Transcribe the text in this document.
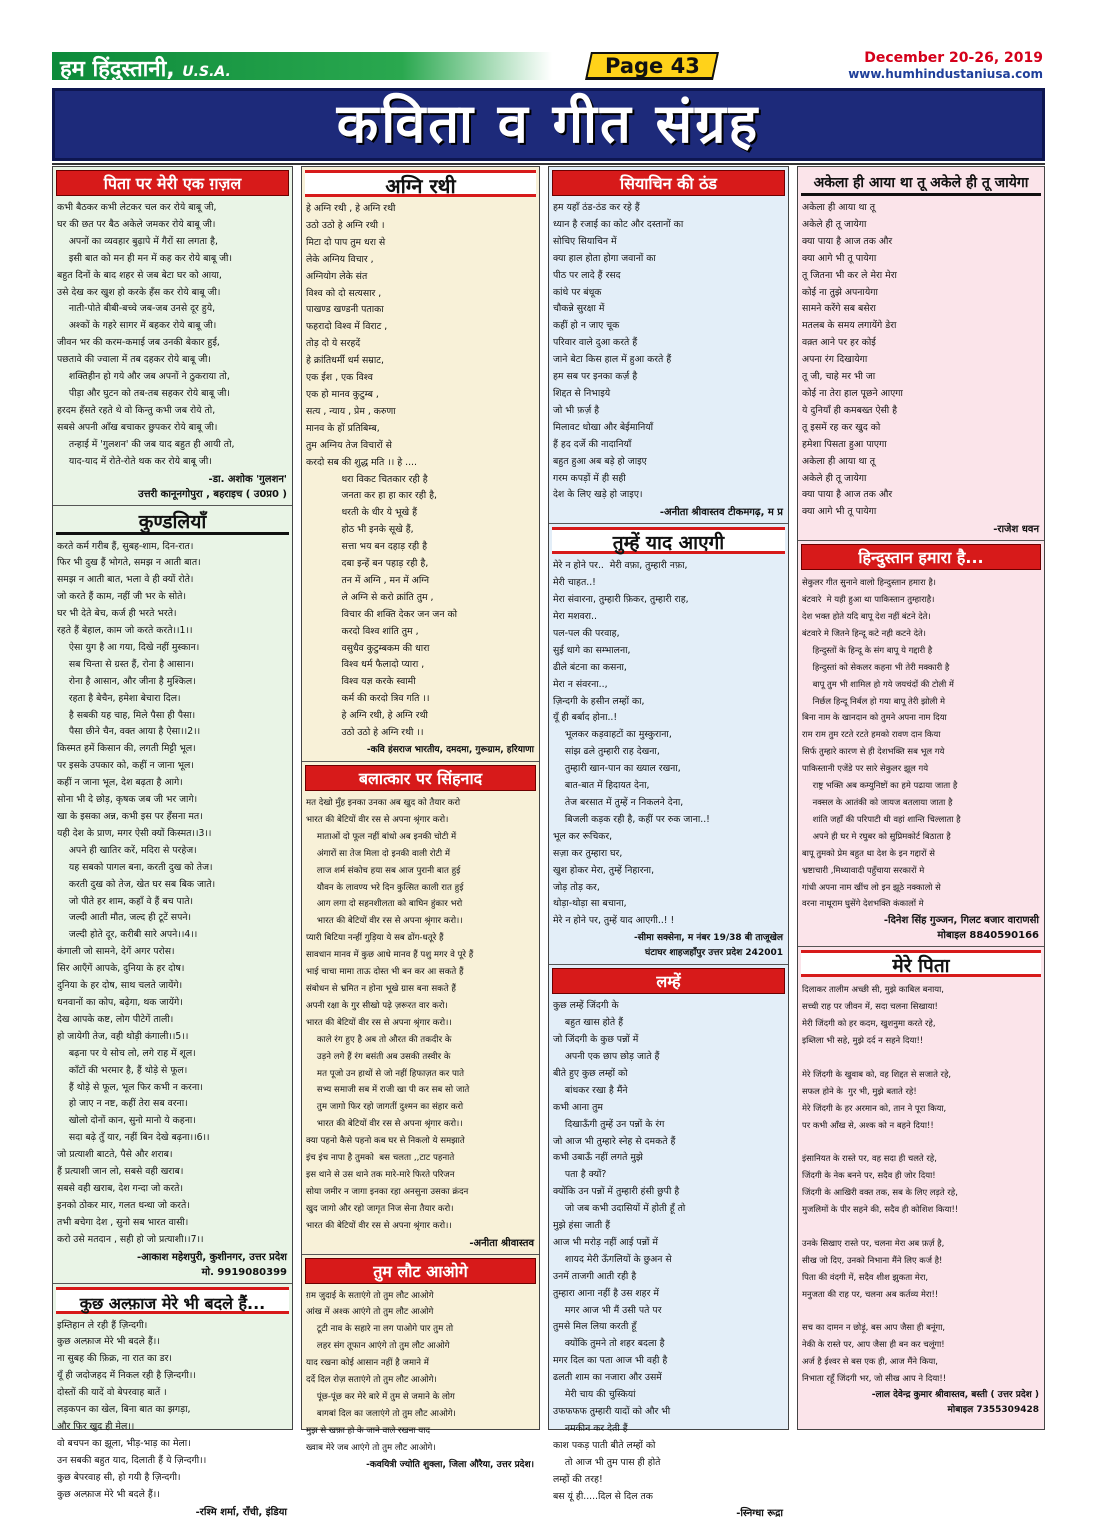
हम हिंदुस्तानी, U.S.A.	Page 43	December 20-26, 2019
www.humhindustaniusa.com
कविता व गीत संग्रह
पिता पर मेरी एक ग़ज़ल
कभी बैठकर कभी लेटकर चल कर रोये बाबू जी,
घर की छत पर बैठ अकेले जमकर रोये बाबू जी।
अपनों का व्यवहार बुढ़ापे में गैरों सा लगता है,
इसी बात को मन ही मन में कह कर रोये बाबू जी।
बहुत दिनों के बाद शहर से जब बेटा घर को आया,
उसे देख कर खुश हो करके हँस कर रोये बाबू जी।
नाती-पोते बीबी-बच्चे जब-जब उनसे दूर हुये,
अश्कों के गहरे सागर में बहकर रोये बाबू जी।
जीवन भर की करम-कमाई जब उनकी बेकार हुई,
पछतावे की ज्वाला में तब दहकर रोये बाबू जी।
शक्तिहीन हो गये और जब अपनों ने ठुकराया तो,
पीड़ा और घुटन को तब-तब सहकर रोये बाबू जी।
हरदम हँसते रहते थे वो किन्तु कभी जब रोये तो,
सबसे अपनी आँख बचाकर छुपकर रोये बाबू जी।
तन्हाई में 'गुलशन' की जब याद बहुत ही आयी तो,
याद-याद में रोते-रोते थक कर रोये बाबू जी।
-डा. अशोक 'गुलशन'
उत्तरी कानूनगोपुरा , बहराइच ( उ0प्र0 )
कुण्डलियाँ
करते कर्म गरीब हैं, सुबह-शाम, दिन-रात।
फिर भी दुख हैं भोगते, समझ न आती बात।
समझ न आती बात, भला वे ही क्यों रोते।
जो करते हैं काम, नहीं जी भर के सोते।
घर भी देते बेच, कर्ज ही भरते भरते।
रहते हैं बेहाल, काम जो करते करते।।1।।
ऐसा युग है आ गया, दिखे नहीं मुस्कान।
सब चिन्ता से ग्रस्त हैं, रोना है आसान।
रोना है आसान, और जीना है मुश्किल।
रहता है बेचैन, हमेशा बेचारा दिल।
है सबकी यह चाह, मिले पैसा ही पैसा।
पैसा छीने चैन, वक्त आया है ऐसा।।2।।
किस्मत हमें किसान की, लगती मिट्टी भूल।
पर इसके उपकार को, कहीं न जाना भूल।
कहीं न जाना भूल, देश बढ़ता है आगे।
सोना भी दे छोड़, कृषक जब जी भर जागे।
खा के इसका अन्न, कभी इस पर हँसना मत।
यही देश के प्राण, मगर ऐसी क्यों किस्मत।।3।।
अपने ही खातिर करें, मदिरा से परहेज।
यह सबको पागल बना, करती दुख को तेज।
करती दुख को तेज, खेत घर सब बिक जाते।
जो पीते हर शाम, कहाँ वे हैं बच पाते।
जल्दी आती मौत, जल्द ही टूटें सपने।
जल्दी होते दूर, करीबी सारे अपने।।4।।
कंगाली जो सामने, देगें अगर परोस।
सिर आएँगें आपके, दुनिया के हर दोष।
दुनिया के हर दोष, साथ चलते जायेंगे।
धनवानों का कोप, बढ़ेगा, थक जायेंगे।
देख आपके कष्ट, लोग पीटेगें ताली।
हो जायेगी तेज, वही थोड़ी कंगाली।।5।।
बढ़ना पर ये सोच लो, लगे राह में शूल।
काँटों की भरमार है, हैं थोड़े से फूल।
हैं थोड़े से फूल, भूल फिर कभी न करना।
हो जाए न नष्ट, कहीं तेरा सब वरना।
खोलो दोनों कान, सुनो मानो ये कहना।
सदा बढ़े तुँ यार, नहीं बिन देखे बढ़ना।।6।।
जो प्रत्याशी बाटते, पैसे और शराब।
हैं प्रत्याशी जान लो, सबसे वही खराब।
सबसे वही खराब, देश गन्दा जो करते।
इनको ठोकर मार, गलत धन्धा जो करते।
तभी बचेगा देश , सुनो सब भारत वासी।
करो उसे मतदान , सही हो जो प्रत्याशी।।7।।
-आकाश महेशपुरी, कुशीनगर, उत्तर प्रदेश
मो. 9919080399
कुछ अल्फ़ाज मेरे भी बदले हैं...
इम्तिहान ले रही हैं ज़िन्दगी।
कुछ अल्फ़ाज मेरे भी बदले हैं।।
ना सुबह की फ़िक्र, ना रात का डर।
यूँ ही जदोजहद में निकल रही है ज़िन्दगी।।
दोस्तों की यादें वो बेपरवाह बातें ।
लड़कपन का खेल, बिना बात का झगड़ा,
और फिर खुद ही मेल।।
वो बचपन का झूला, भीड़-भाड़ का मेला।
उन सबकी बहुत याद, दिलाती हैं ये ज़िन्दगी।।
कुछ बेपरवाह सी, हो गयी है ज़िन्दगी।
कुछ अल्फ़ाज मेरे भी बदले हैं।।
-रश्मि शर्मा, राँची, इंडिया
अग्नि रथी
हे अग्नि रथी , हे अग्नि रथी
उठो उठो हे अग्नि रथी ।
मिटा दो पाप तुम धरा से
लेके अग्निय विचार ,
अग्नियोग लेके संत
विश्व को दो सत्यसार ,
पाखण्ड खण्डनी पताका
फहरादो विश्व में विराट ,
तोड़ दो ये सरहदें
हे क्रांतिधर्मी धर्म सम्राट,
एक ईश , एक विश्व
एक हो मानव कुटुम्ब ,
सत्य , न्याय , प्रेम , करुणा
मानव के हों प्रतिबिम्ब,
तुम अग्निय तेज विचारों से
करदो सब की शुद्ध मति ।। हे ....
धरा विकट चितकार रही है
जनता कर हा हा कार रही है,
धरती के धीर ये भूखे हैं
होठ भी इनके सूखे हैं,
सत्ता भय बन दहाड़ रही है
दबा इन्हें बन पहाड़ रही है,
तन में अग्नि , मन में अग्नि
ले अग्नि से करो क्रांति तुम ,
विचार की शक्ति देकर जन जन को
करदो विश्व शांति तुम ,
वसुधैव कुटुम्बकम की धारा
विश्व धर्म फैलादो प्यारा ,
विश्व यज्ञ करके स्वामी
कर्म की करदो त्रिव गति ।।
हे अग्नि रथी, हे अग्नि रथी
उठो उठो हे अग्नि रथी ।।
-कवि हंसराज भारतीय, दमदमा, गुरूग्राम, हरियाणा
बलात्कार पर सिंहनाद
मत देखो मुँह इनका उनका अब खुद को तैयार करो
भारत की बेटियों वीर रस से अपना श्रृंगार करो।
माताओं दो फूल नहीं बांधो अब इनकी चोटी में
अंगारों सा तेज मिला दो इनकी वाली रोटी में
लाज शर्म संकोच हया सब आज पुरानी बात हुई
यौवन के लावण्य भरे दिन कुत्सित काली रात हुई
आग लगा दो सहनशीलता को बाघिन हुंकार भरो
भारत की बेटियों वीर रस से अपना श्रृंगार करो।।
प्यारी बिटिया नन्हीं गुड़िया ये सब ढोंग-धतूरे हैं
सावधान मानव में कुछ आधे मानव हैं पशु मगर वे पूरे हैं
भाई चाचा मामा ताऊ दोस्त भी बन कर आ सकते हैं
संबोधन से भ्रमित न होना भूखे ग्रास बना सकते हैं
अपनी रक्षा के गुर सीखो पढ़े ज़रूरत वार करो।
भारत की बेटियों वीर रस से अपना श्रृंगार करो।।
काले रंग हुए है अब तो औरत की तकदीर के
उड़ने लगे हैं रंग बसंती अब उसकी तस्वीर के
मत पूजो उन हाथों से जो नहीं हिफाज़त कर पाते
सभ्य समाजी सब में राजी खा पी कर सब सो जाते
तुम जागो फिर रहो जागतीं दुश्मन का संहार करो
भारत की बेटियों वीर रस से अपना श्रृंगार करो।।
क्या पहनो कैसे पहनो कब घर से निकलो ये समझाते
इंच इंच नापा है तुमको  बस चलता ,,टाट पहनाते
इस थाने से उस थाने तक मारे-मारे फिरते परिजन
सोया जमीर न जागा इनका रहा अनसुना उसका क्रंदन
खुद जागो और रहो जागृत निज सेना तैयार करो।
भारत की बेटियों वीर रस से अपना श्रृंगार करो।।
-अनीता श्रीवास्तव
तुम लौट आओगे
ग़म जुदाई के सताएंगे तो तुम लौट आओगे
आंख में अश्क आएंगे तो तुम लौट आओगे
टूटी नाव के सहारे ना लग पाओगे पार तुम तो
लहर संग तूफान आएंगे तो तुम लौट आओगे
याद रखना कोई आसान नहीं है जमाने में
दर्दे दिल रोज़ सताएंगे तो तुम लौट आओगे।
पूंछ-पूंछ कर मेरे बारे में तुम से जमाने के लोग
बागबां दिल का जलाएंगे तो तुम लौट आओगे।
मुझ से खफ़ा हो के जाने वाले रखना याद
ख्वाब मेरे जब आएंगे तो तुम लौट आओगे।
-कवयित्री ज्योति शुक्ला, जिला औरैया, उत्तर प्रदेश।
सियाचिन की ठंड
हम यहाँ ठंड-ठंड कर रहे हैं
ध्यान है रजाई का कोट और दस्तानों का
सोचिए सियाचिन में
क्या हाल होता होगा जवानों का
पीठ पर लादे हैं रसद
कांधे पर बंधूक
चौकन्ने सुरक्षा में
कहीं हो न जाए चूक
परिवार वाले दुआ करते हैं
जाने बेटा किस हाल में हुआ करते हैं
हम सब पर इनका कर्ज़ है
शिद्दत से निभाइये
जो भी फ़र्ज़ है
मिलावट धोखा और बेईमानियाँ
हैं हद दर्जे की नादानियाँ
बहुत हुआ अब बड़े हो जाइए
गरम कपड़ों में ही सही
देश के लिए खड़े हो जाइए।
-अनीता श्रीवास्तव टीकमगढ़, म प्र
तुम्हें याद आएगी
मेरे न होने पर..  मेरी वफ़ा, तुम्हारी नफ़ा,
मेरी चाहत..!
मेरा संवारना, तुम्हारी फ़िकर, तुम्हारी राह,
मेरा मशवरा..
पल-पल की परवाह,
सुई धागे का सम्भालना,
ढीले बंटना का कसना,
मेरा न संवरना..,
ज़िन्दगी के हसीन लम्हों का,
यूँ ही बर्बाद होना..!
भूलकर कड़वाहटों का मुस्कुराना,
सांझ ढले तुम्हारी राह देखना,
तुम्हारी खान-पान का ख्याल रखना,
बात-बात में हिदायत देना,
तेज बरसात में तुम्हें न निकलने देना,
बिजली कड़क रही है, कहीं पर रुक जाना..!
भूल कर रूचिकर,
सज़ा कर तुम्हारा घर,
खुश होकर मेरा, तुम्हें निहारना,
जोड़ तोड़ कर,
थोड़ा-थोड़ा सा बचाना,
मेरे न होने पर, तुम्हें याद आएगी..! !
-सीमा सक्सेना, म नंबर 19/38 बी ताजूखेल
घंटाघर शाहजहाँपुर उत्तर प्रदेश 242001
लम्हें
कुछ लम्हें जिंदगी के
बहुत खास होते हैं
जो जिंदगी के कुछ पन्नों में
अपनी एक छाप छोड़ जाते हैं
बीते हुए कुछ लम्हों को
बांधकर रखा है मैंने
कभी आना तुम
दिखाऊँगी तुम्हें उन पन्नों के रंग
जो आज भी तुम्हारे स्नेह से दमकते हैं
कभी उबाऊँ नहीं लगते मुझे
पता है क्यों?
क्योंकि उन पन्नों में तुम्हारी हंसी छुपी है
जो जब कभी उदासियों में होती हूँ तो
मुझे हंसा जाती हैं
आज भी मरोड़ नहीं आई पन्नों में
शायद मेरी ऊँगलियों के छुअन से
उनमें ताजगी आती रही है
तुम्हारा आना नहीं है उस शहर में
मगर आज भी मैं उसी पते पर
तुमसे मिल लिया करती हूँ
क्योंकि तुमने तो शहर बदला है
मगर दिल का पता आज भी वही है
ढलती शाम का नजारा और उसमें
मेरी चाय की चुस्कियां
उफफफफ तुम्हारी यादों को और भी
नमकीन कर देती हैं
काश पकड़ पाती बीते लम्हों को
तो आज भी तुम पास ही होते
लम्हों की तरह!
बस यूं ही.....दिल से दिल तक
-स्निग्धा रूद्रा
अकेला ही आया था तू अकेले ही तू जायेगा
अकेला ही आया था तू
अकेले ही तू जायेगा
क्या पाया है आज तक और
क्या आगे भी तू पायेगा
तू जितना भी कर ले मेरा मेरा
कोई ना तुझे अपनायेगा
सामने करेंगे सब बसेरा
मतलब के समय लगायेंगे डेरा
वक़्त आने पर हर कोई
अपना रंग दिखायेगा
तू जी, चाहे मर भी जा
कोई ना तेरा हाल पूछने आएगा
ये दुनियाँ ही कमबख्त ऐसी है
तू इसमें रह कर खुद को
हमेशा पिसता हुआ पाएगा
अकेला ही आया था तू
अकेले ही तू जायेगा
क्या पाया है आज तक और
क्या आगे भी तू पायेगा
-राजेश धवन
हिन्दुस्तान हमारा है...
सेकुलर गीत सुनाने वालो हिन्दुस्तान हमारा है।
बंटवारे  मे यही हुआ था पाकिस्तान तुम्हाराहै।
देश भक्त होते यदि बापू देश नहीं बंटने देते।
बंटवारे मे जितने हिन्दू कटे नही कटने देते।
हिन्दुस्तों के हिन्दू के संग बापू ये गद्दारी है
हिन्दुस्तां को सेकलर कहना भी तेरी मक्कारी है
बापू तुम भी शामिल हो गये जयचंदों की टोली में
निर्छल हिन्दू निर्बल हो गया बापू तेरी झोली मे
बिना नाम के खानदान को तुमने अपना नाम दिया
राम राम तुम रटते रटते हमको रावण दान किया
सिर्फ तुम्हारे कारण से ही देशभक्ति सब भूल गये
पाकिस्तानी एजेंडे पर सारे सेकुलर झूल गये
राष्ट्र भक्ति अब कम्युनिष्टों का हमे पढाया जाता है
नक्सल के आतंकी को जायज बतलाया जाता है
शांति जहाँ की परिपाटी थी वहां शान्ति चिल्लाता है
अपने ही घर मे रघुबर को सुप्रिमकोर्ट बिठाता है
बापू तुमको प्रेम बहुत था देश के इन गद्दारों से
भ्रष्टाचारी ,मिथ्यावादी पहुँचाया सरकारों मे
गांधी अपना नाम खींच लो इन झूठे नक्कालो से
वरना नाथूराम घुसेंगे देशभक्ति कंकालों मे
-दिनेश सिंह गुञ्जन, गिलट बजार वाराणसी
मोबाइल 8840590166
मेरे पिता
दिलाकर तालीम अच्छी सी, मुझे काबिल बनाया,
सच्ची राह पर जीवन में, सदा चलना सिखाया!
मेरी जिंदगी को हर कदम, खुशनुमा करते रहे,
इब्तिला भी सहे, मुझे दर्द न सहने दिया!!

मेरे जिंदगी के खुवाब को, वह शिद्दत से सजाते रहे,
सफल होने के  गुर भी, मुझे बताते रहे!
मेरे जिंदगी के हर अरमान को, तान ने पूरा किया,
पर कभी आँख से, अश्क को न बहने दिया!!

इंसानियत के रास्ते पर, वह सदा ही चलते रहे,
जिंदगी के नेक बनने पर, सदैव ही जोर दिया!
जिंदगी के आखिरी वक्त तक, सब के लिए लड़ते रहे,
मुजलिमों के पीर सहने की, सदैव ही कोशिश किया!!

उनके सिखाए रास्ते पर, चलना मेरा अब फ़र्ज़ है,
सीख जो दिए, उनको निभाना मैंने लिए कर्ज है!
पिता की वंदगी में, सदैव शीश झुकता मेरा,
मनुजता की राह पर, चलना अब कर्तव्य मेरा!!

सच का दामन न छोड़ूं, बस आप जैसा ही बनूंगा,
नेकी के रास्ते पर, आप जैसा ही बन कर चलूंगा!
अर्ज है ईश्वर से बस एक ही, आज मैंने किया,
निभाता रहूँ जिंदगी भर, जो सीख आप ने दिया!!
-लाल देवेन्द्र कुमार श्रीवास्तव, बस्ती ( उत्तर प्रदेश )
मोबाइल 7355309428
